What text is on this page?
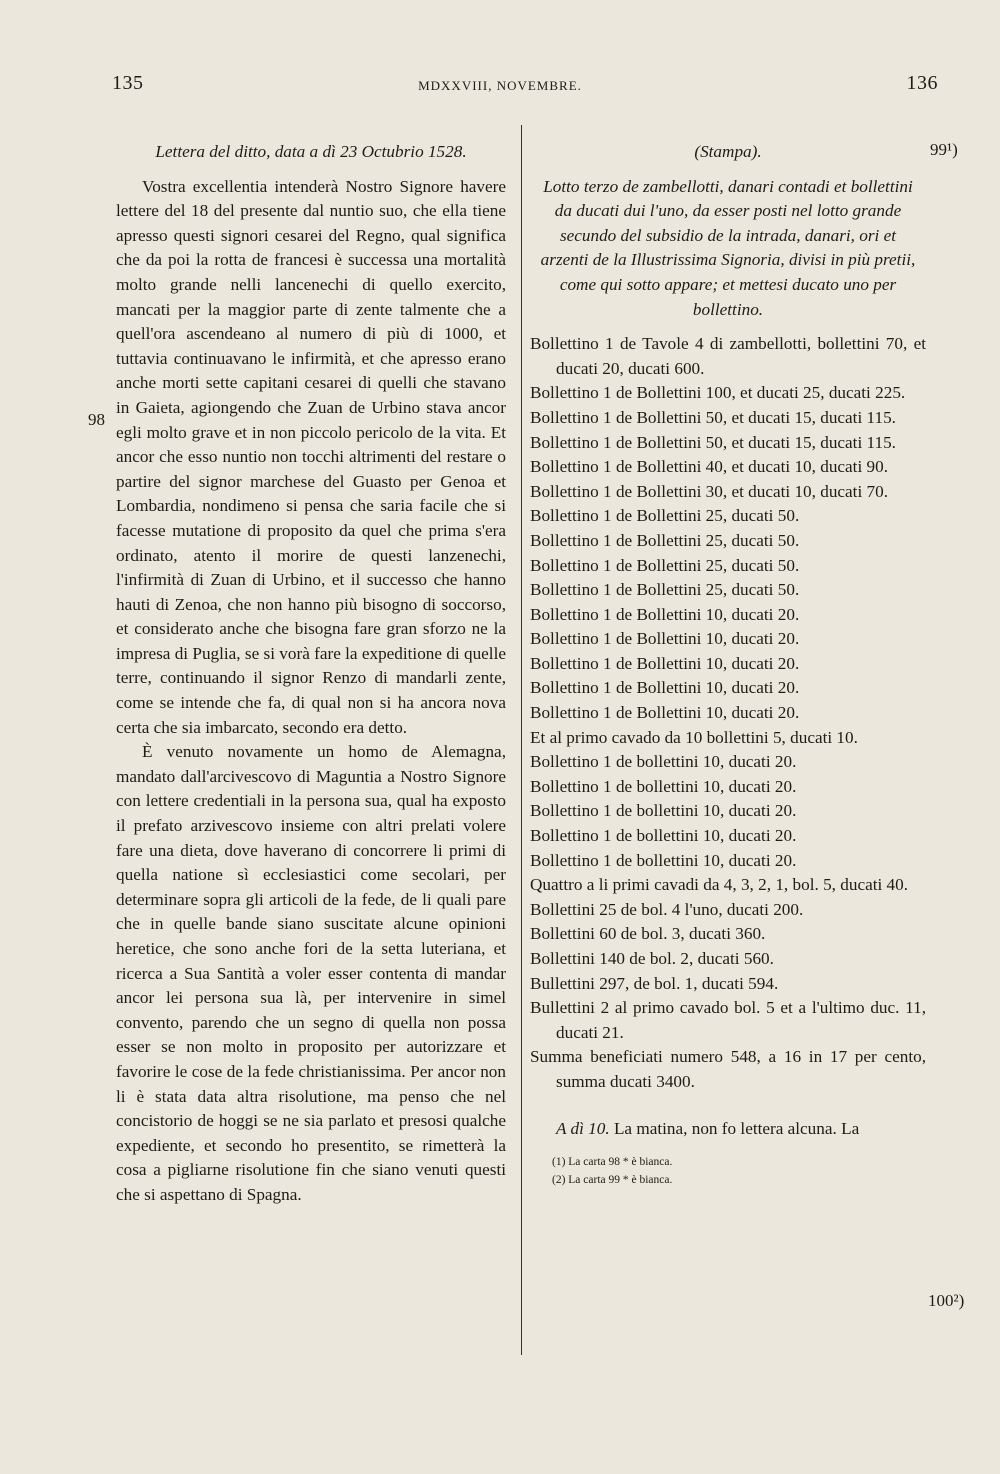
135	MDXXVIII, NOVEMBRE.	136
98
99¹)
100²)
Lettera del ditto, data a dì 23 Octubrio 1528.
Vostra excellentia intenderà Nostro Signore havere lettere del 18 del presente dal nuntio suo, che ella tiene apresso questi signori cesarei del Regno, qual significa che da poi la rotta de francesi è successa una mortalità molto grande nelli lancenechi di quello exercito, mancati per la maggior parte di zente talmente che a quell'ora ascendeano al numero di più di 1000, et tuttavia continuavano le infirmità, et che apresso erano anche morti sette capitani cesarei di quelli che stavano in Gaieta, agiongendo che Zuan de Urbino stava ancor egli molto grave et in non piccolo pericolo de la vita. Et ancor che esso nuntio non tocchi altrimenti del restare o partire del signor marchese del Guasto per Genoa et Lombardia, nondimeno si pensa che saria facile che si facesse mutatione di proposito da quel che prima s'era ordinato, atento il morire de questi lanzenechi, l'infirmità di Zuan di Urbino, et il successo che hanno hauti di Zenoa, che non hanno più bisogno di soccorso, et considerato anche che bisogna fare gran sforzo ne la impresa di Puglia, se si vorà fare la expeditione di quelle terre, continuando il signor Renzo di mandarli zente, come se intende che fa, di qual non si ha ancora nova certa che sia imbarcato, secondo era detto.
È venuto novamente un homo de Alemagna, mandato dall'arcivescovo di Maguntia a Nostro Signore con lettere credentiali in la persona sua, qual ha exposto il prefato arzivescovo insieme con altri prelati volere fare una dieta, dove haverano di concorrere li primi di quella natione sì ecclesiastici come secolari, per determinare sopra gli articoli de la fede, de li quali pare che in quelle bande siano suscitate alcune opinioni heretice, che sono anche fori de la setta luteriana, et ricerca a Sua Santità a voler esser contenta di mandar ancor lei persona sua là, per intervenire in simel convento, parendo che un segno di quella non possa esser se non molto in proposito per autorizzare et favorire le cose de la fede christianissima. Per ancor non li è stata data altra risolutione, ma penso che nel concistorio de hoggi se ne sia parlato et presosi qualche expediente, et secondo ho presentito, se rimetterà la cosa a pigliarne risolutione fin che siano venuti questi che si aspettano di Spagna.
(Stampa).
Lotto terzo de zambellotti, danari contadi et bollettini da ducati dui l'uno, da esser posti nel lotto grande secundo del subsidio de la intrada, danari, ori et arzenti de la Illustrissima Signoria, divisi in più pretii, come qui sotto appare; et mettesi ducato uno per bollettino.
Bollettino 1 de Tavole 4 di zambellotti, bollettini 70, et ducati 20, ducati 600.
Bollettino 1 de Bollettini 100, et ducati 25, ducati 225.
Bollettino 1 de Bollettini 50, et ducati 15, ducati 115.
Bollettino 1 de Bollettini 50, et ducati 15, ducati 115.
Bollettino 1 de Bollettini 40, et ducati 10, ducati 90.
Bollettino 1 de Bollettini 30, et ducati 10, ducati 70.
Bollettino 1 de Bollettini 25, ducati 50.
Bollettino 1 de Bollettini 25, ducati 50.
Bollettino 1 de Bollettini 25, ducati 50.
Bollettino 1 de Bollettini 25, ducati 50.
Bollettino 1 de Bollettini 10, ducati 20.
Bollettino 1 de Bollettini 10, ducati 20.
Bollettino 1 de Bollettini 10, ducati 20.
Bollettino 1 de Bollettini 10, ducati 20.
Bollettino 1 de Bollettini 10, ducati 20.
Et al primo cavado da 10 bollettini 5, ducati 10.
Bollettino 1 de bollettini 10, ducati 20.
Bollettino 1 de bollettini 10, ducati 20.
Bollettino 1 de bollettini 10, ducati 20.
Bollettino 1 de bollettini 10, ducati 20.
Bollettino 1 de bollettini 10, ducati 20.
Quattro a li primi cavadi da 4, 3, 2, 1, bol. 5, ducati 40.
Bollettini 25 de bol. 4 l'uno, ducati 200.
Bollettini 60 de bol. 3, ducati 360.
Bollettini 140 de bol. 2, ducati 560.
Bullettini 297, de bol. 1, ducati 594.
Bullettini 2 al primo cavado bol. 5 et a l'ultimo duc. 11, ducati 21.
Summa beneficiati numero 548, a 16 in 17 per cento, summa ducati 3400.
A dì 10. La matina, non fo lettera alcuna. La
(1) La carta 98 * è bianca.
(2) La carta 99 * è bianca.
